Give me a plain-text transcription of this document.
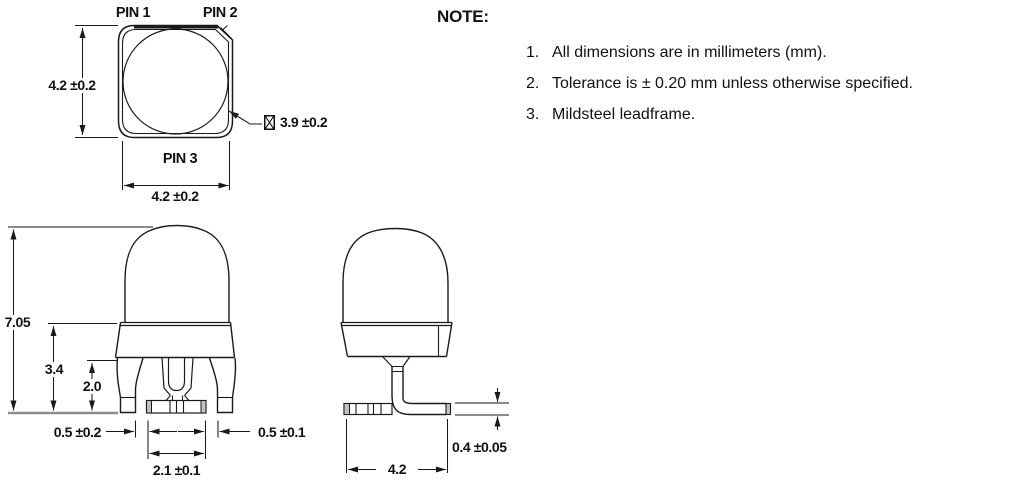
PIN 1	PIN 2
PIN 3
4.2 ±0.2
4.2 ±0.2
3.9 ±0.2
7.05
3.4
2.0
0.5 ±0.2	0.5 ±0.1
2.1 ±0.1	4.2
0.4 ±0.05
NOTE:
1. All dimensions are in millimeters (mm).
2. Tolerance is ± 0.20 mm unless otherwise specified.
3. Mildsteel leadframe.
